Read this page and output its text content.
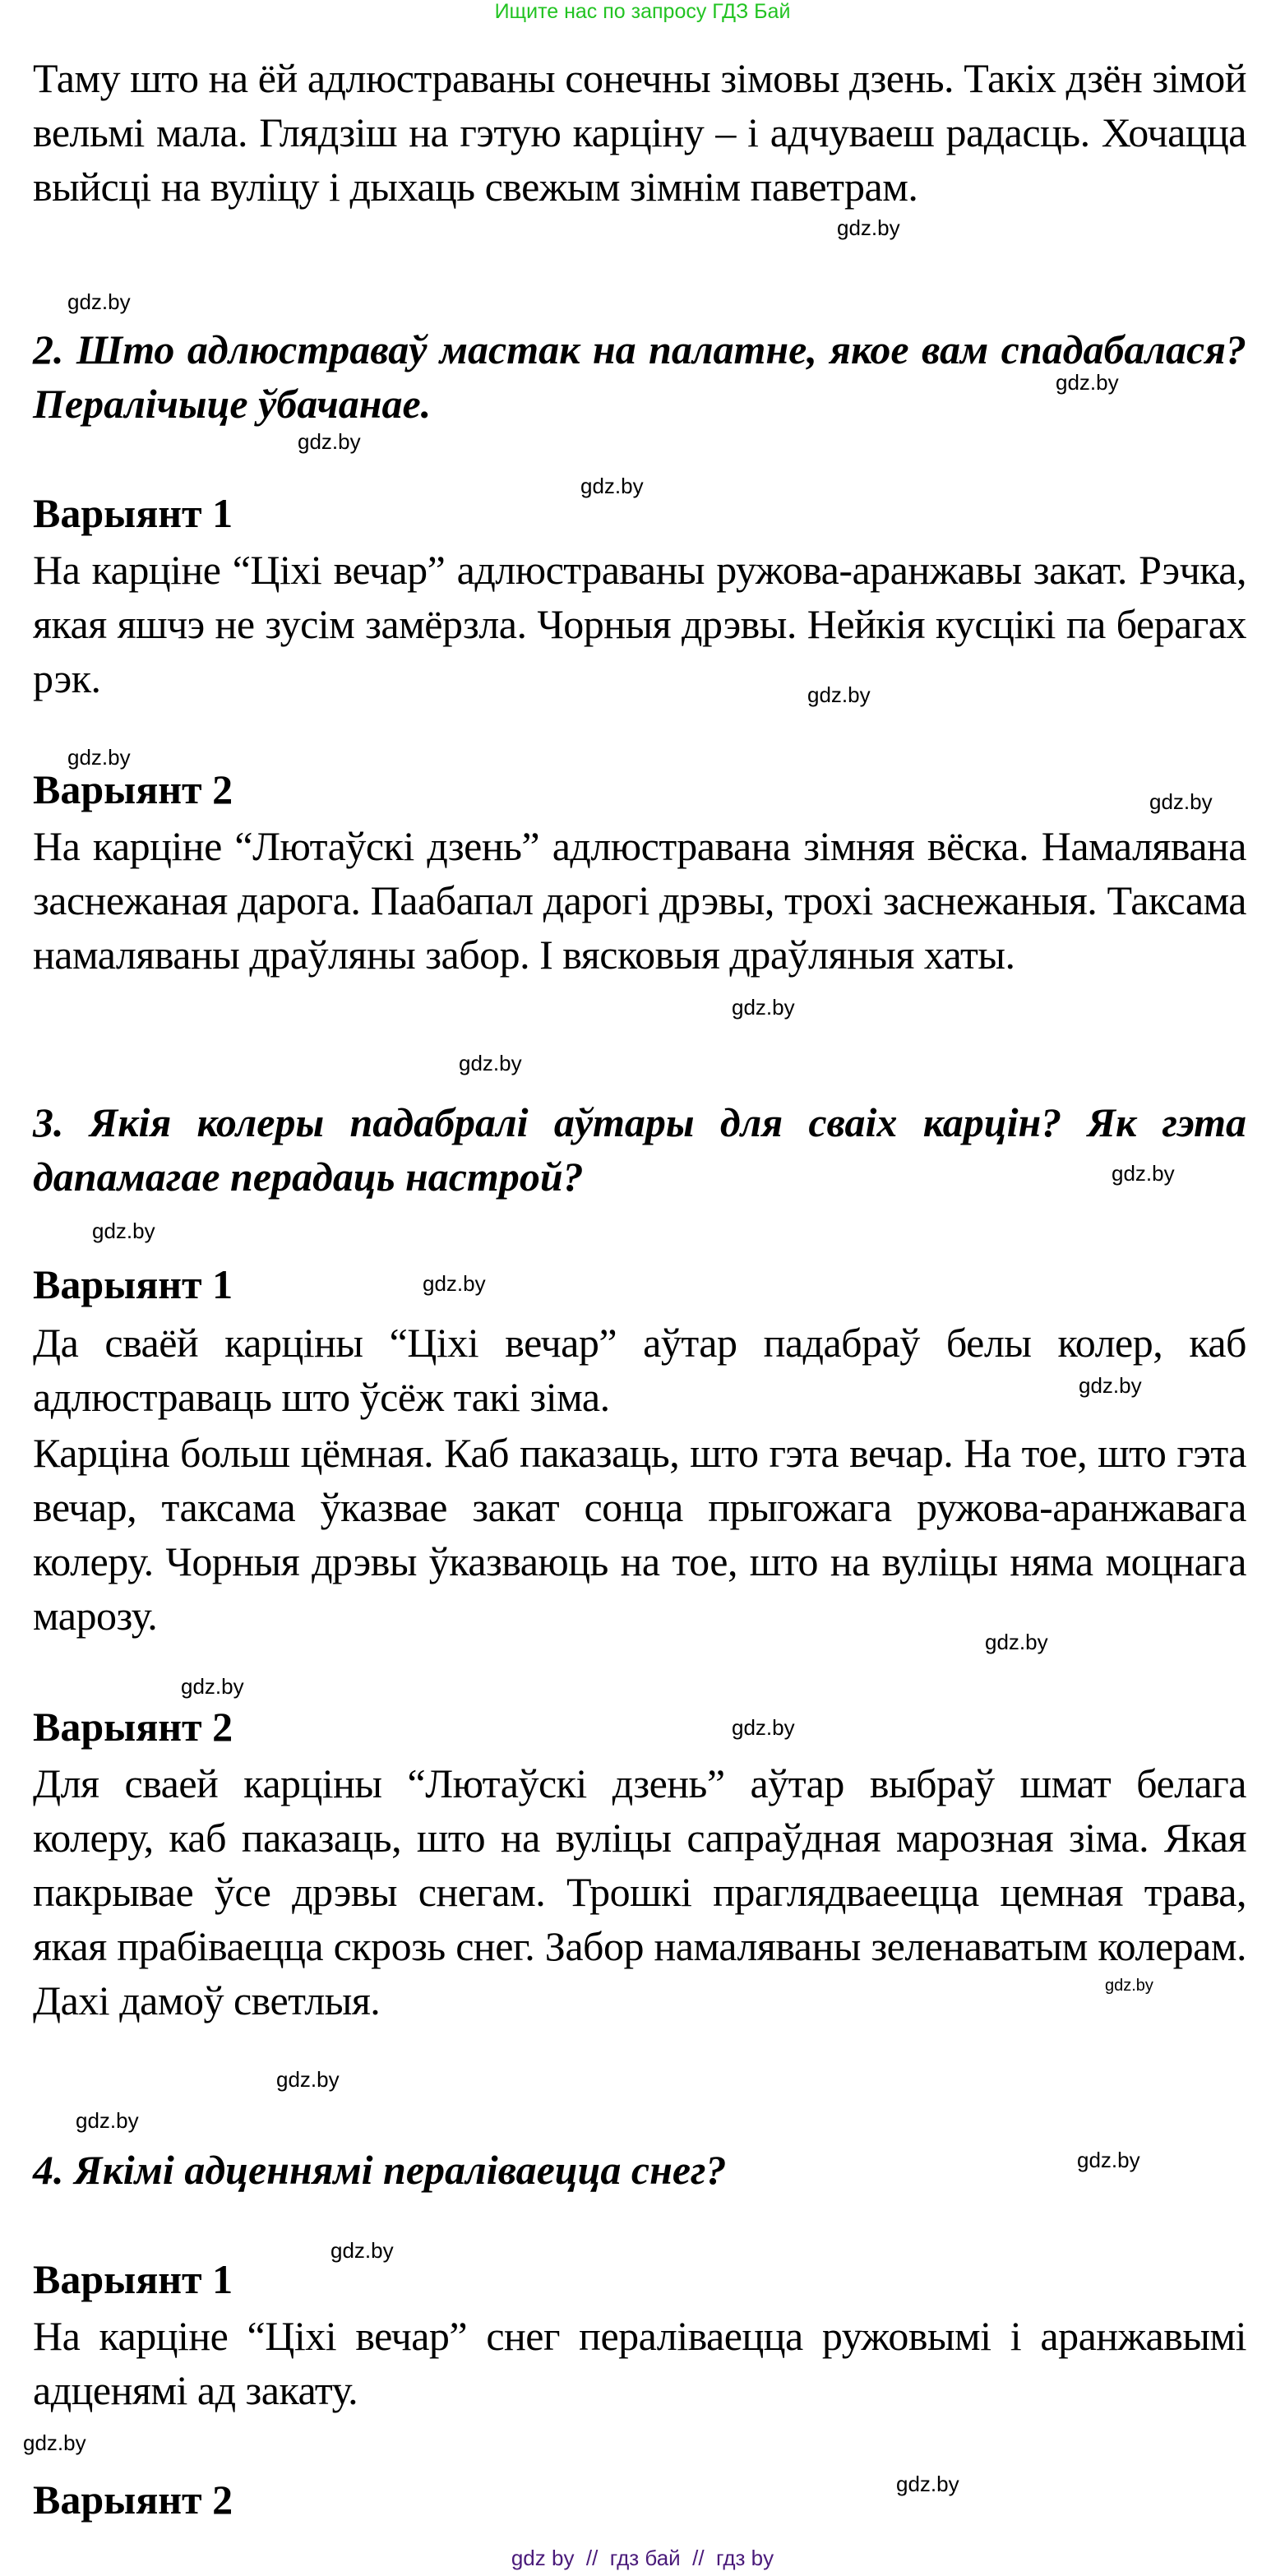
Ищите нас по запросу ГДЗ Бай
Таму што на ёй адлюстраваны сонечны зімовы дзень. Такіх дзён зімой вельмі мала. Глядзіш на гэтую карціну – і адчуваеш радасць. Хочацца выйсці на вуліцу і дыхаць свежым зімнім паветрам.
2. Што адлюстраваў мастак на палатне, якое вам спадабалася? Пералічыце ўбачанае.
Варыянт 1
На карціне “Ціхі вечар” адлюстраваны ружова-аранжавы закат. Рэчка, якая яшчэ не зусім замёрзла. Чорныя дрэвы. Нейкія кусцікі па берагах рэк.
Варыянт 2
На карціне “Лютаўскі дзень” адлюстравана зімняя вёска. Намалявана заснежаная дарога. Паабапал дарогі дрэвы, трохі заснежаныя. Таксама намаляваны драўляны забор. І вясковыя драўляныя хаты.
3. Якія колеры падабралі аўтары для сваіх карцін? Як гэта дапамагае перадаць настрой?
Варыянт 1
Да сваёй карціны “Ціхі вечар” аўтар падабраў белы колер, каб адлюстраваць што ўсёж такі зіма.
Карціна больш цёмная. Каб паказаць, што гэта вечар. На тое, што гэта вечар, таксама ўказвае закат сонца прыгожага ружова-аранжавага колеру. Чорныя дрэвы ўказваюць на тое, што на вуліцы няма моцнага марозу.
Варыянт 2
Для сваей карціны “Лютаўскі дзень” аўтар выбраў шмат белага колеру, каб паказаць, што на вуліцы сапраўдная марозная зіма. Якая пакрывае ўсе дрэвы снегам. Трошкі праглядваеецца цемная трава, якая прабіваецца скрозь снег. Забор намаляваны зеленаватым колерам. Дахі дамоў светлыя.
4. Якімі адценнямі пераліваецца снег?
Варыянт 1
На карціне “Ціхі вечар” снег пераліваецца ружовымі і аранжавымі адценямі ад закату.
Варыянт 2
gdz.by
gdz.by
gdz.by
gdz.by
gdz.by
gdz.by
gdz.by
gdz.by
gdz.by
gdz.by
gdz.by
gdz.by
gdz.by
gdz.by
gdz.by
gdz.by
gdz.by
gdz.by
gdz.by
gdz.by
gdz.by
gdz.by
gdz.by
gdz.by
gdz by  //  гдз бай  //  гдз by
